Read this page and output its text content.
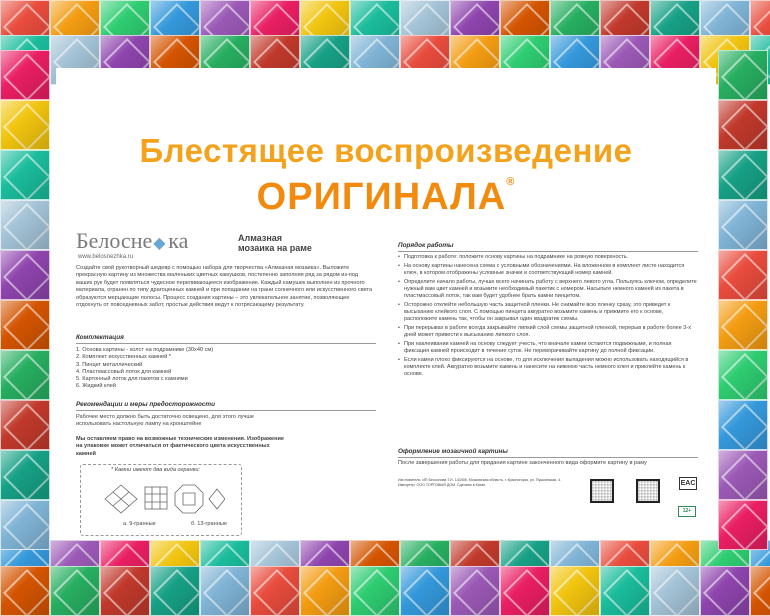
Блестящее воспроизведение
ОРИГИНАЛА®
Белосне◆ ка
www.belosnezhka.ru
Алмазная мозаика на раме
Создайте свой рукотворный шедевр с помощью набора для творчества «Алмазная мозаика». Выложите прекрасную картину из множества маленьких цветных камушков, постепенно заполняя ряд за рядом из-под ваших рук будет появляться чудесное переливающееся изображение. Каждый камушек выполнен из прочного материала, огранен по типу драгоценных камней и при попадании на грани солнечного или искусственного света образуются мерцающие полосы. Процесс создания картины – это увлекательное занятие, позволяющее отдохнуть от повседневных забот, простые действия ведут к потрясающему результату.
Комплектация
1. Основа картины - холст на подрамнике (30х40 см)
2. Комплект искусственных камней *
3. Пинцет металлический
4. Пластмассовый лоток для камней
5. Картонный лоток для пакетов с камнями
6. Жидкий клей
Рекомендации и меры предосторожности
Рабочее место должно быть достаточно освещено, для этого лучше использовать настольную лампу на кронштейне
Мы оставляем право на возможные технические изменения. Изображение на упаковке может отличаться от фактического цвета искусственных камней
* Камни имеют два вида огранки:
а. 9-гранные	б. 13-гранные
Порядок работы
• Подготовка к работе: положите основу картины на подрамнике на ровную поверхность.
• На основу картины нанесена схема с условными обозначениями. На вложенном в комплект листе находится ключ, в котором отображены условные значки и соответствующий номер камней.
• Определите начало работы, лучше всего начинать работу с верхнего левого угла. Пользуясь ключом, определите нужный вам цвет камней и возьмите необходимый пакетик с номером. Насыпьте немного камней из пакета в пластмассовый лоток, так вам будет удобнее брать камни пинцетом.
• Осторожно отклейте небольшую часть защитной пленки. Не снимайте всю пленку сразу, это приведет к высыханию клейкого слоя. С помощью пинцета аккуратно возьмите камень и прижмите его к основе, расположите камень так, чтобы он закрывал один квадратик схемы.
• При перерывах в работе всегда закрывайте липкий слой схемы защитной пленкой, перерыв в работе более 3-х дней может привести к высыханию липкого слоя.
• При наклеивании камней на основу следует учесть, что вначале камни остаются подвижными, и полная фиксация камней происходит в течение суток. Не переворачивайте картину до полной фиксации.
• Если камни плохо фиксируются на основе, то для исключения выпадения можно использовать находящийся в комплекте клей. Аккуратно возьмите камень и нанесите на нижнюю часть немного клея и приклейте камень к основе.
Оформление мозаичной картины
После завершения работы для придания картине законченного вида оформите картину в раму
Изготовитель: ИП Бессонова Т.И. 143405, Московская область, г. Красногорск, ул. Пушкинская, 4. Импортер: ООО ТОРГОВЫЙ ДОМ. Сделано в Китае.	EAC
12+
